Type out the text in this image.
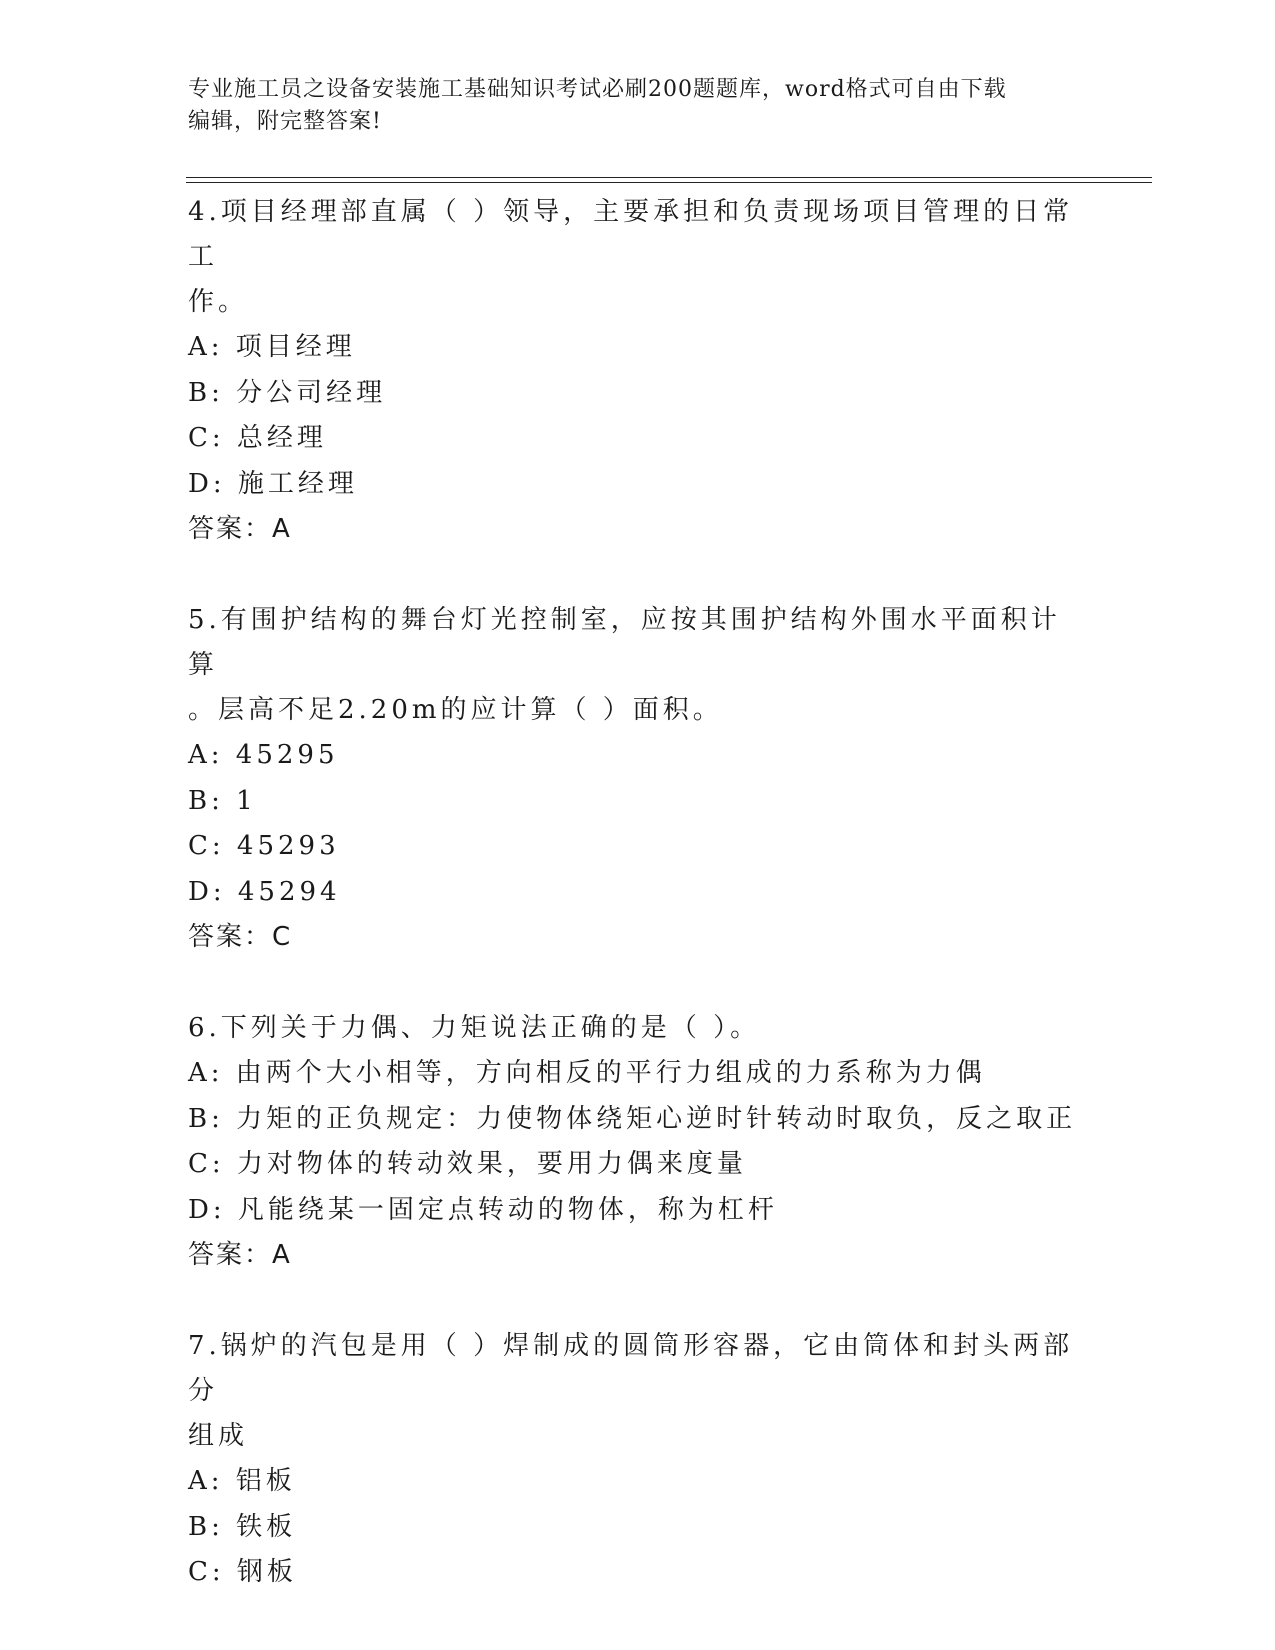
专业施工员之设备安装施工基础知识考试必刷200题题库，word格式可自由下载
编辑，附完整答案!

4.项目经理部直属（ ）领导，主要承担和负责现场项目管理的日常工

作。

A: 项目经理

B: 分公司经理

C: 总经理

D: 施工经理

答案：A

5.有围护结构的舞台灯光控制室，应按其围护结构外围水平面积计算

。层高不足2.20m的应计算（ ）面积。

A: 45295

B: 1

C: 45293

D: 45294

答案：C

6.下列关于力偶、力矩说法正确的是（ ）。

A: 由两个大小相等，方向相反的平行力组成的力系称为力偶

B: 力矩的正负规定：力使物体绕矩心逆时针转动时取负，反之取正

C: 力对物体的转动效果，要用力偶来度量

D: 凡能绕某一固定点转动的物体，称为杠杆

答案：A

7.锅炉的汽包是用（ ）焊制成的圆筒形容器，它由筒体和封头两部分

组成

A: 铝板

B: 铁板

C: 钢板
